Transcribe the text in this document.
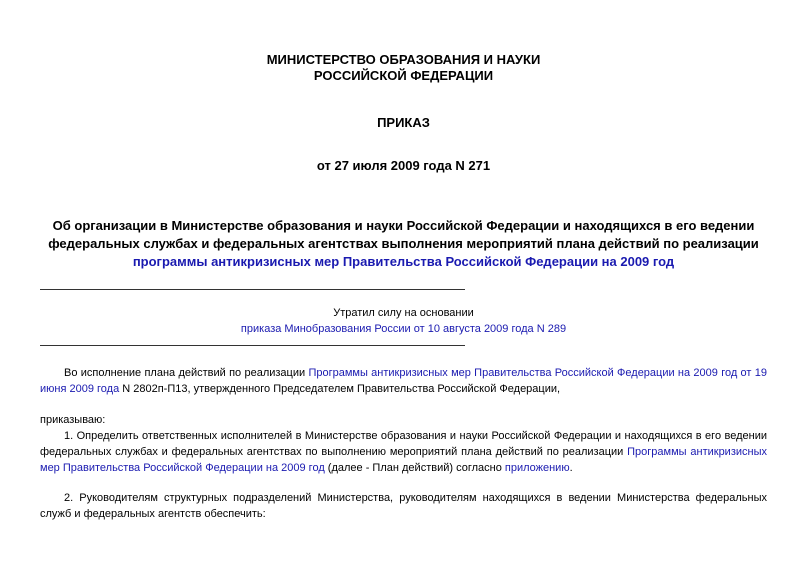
МИНИСТЕРСТВО ОБРАЗОВАНИЯ И НАУКИ
РОССИЙСКОЙ ФЕДЕРАЦИИ
ПРИКАЗ
от 27 июля 2009 года N 271
Об организации в Министерстве образования и науки Российской Федерации и находящихся в его ведении
федеральных службах и федеральных агентствах выполнения мероприятий плана действий по реализации
программы антикризисных мер Правительства Российской Федерации на 2009 год
Утратил силу на основании
приказа Минобразования России от 10 августа 2009 года N 289
Во исполнение плана действий по реализации Программы антикризисных мер Правительства Российской Федерации на 2009 год от 19 июня 2009 года N 2802п-П13, утвержденного Председателем Правительства Российской Федерации,
приказываю:
1. Определить ответственных исполнителей в Министерстве образования и науки Российской Федерации и находящихся в его ведении федеральных службах и федеральных агентствах по выполнению мероприятий плана действий по реализации Программы антикризисных мер Правительства Российской Федерации на 2009 год (далее - План действий) согласно приложению.
2. Руководителям структурных подразделений Министерства, руководителям находящихся в ведении Министерства федеральных служб и федеральных агентств обеспечить:
